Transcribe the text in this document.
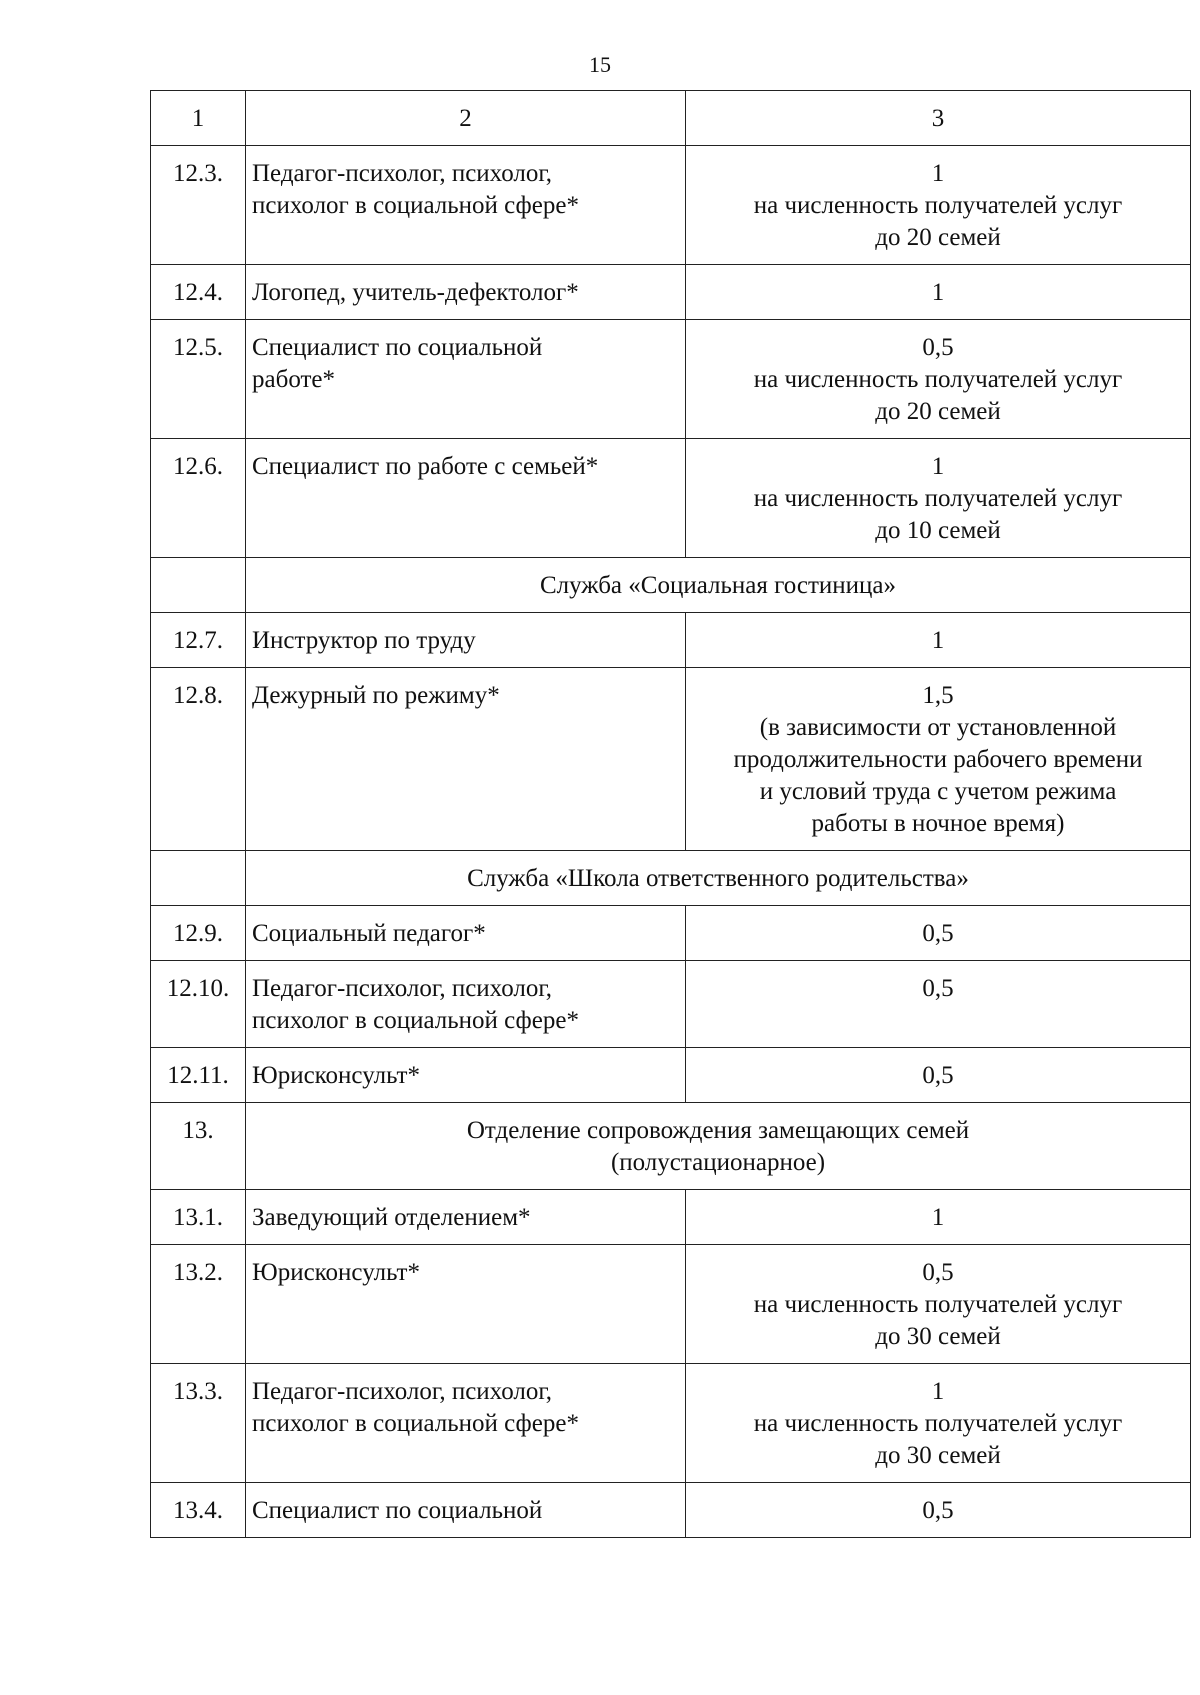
15
1	2	3
12.3.	Педагог-психолог, психолог,
психолог в социальной сфере*	1
на численность получателей услуг
до 20 семей

12.4.	Логопед, учитель-дефектолог*	1
12.5.	Специалист по социальной
работе*	0,5
на численность получателей услуг
до 20 семей

12.6.	Специалист по работе с семьей*	1
на численность получателей услуг
до 10 семей

	Служба «Социальная гостиница»	
12.7.	Инструктор по труду	1
12.8.	Дежурный по режиму*	1,5
(в зависимости от установленной
продолжительности рабочего времени
и условий труда с учетом режима
работы в ночное время)

	Служба «Школа ответственного родительства»	
12.9.	Социальный педагог*	0,5
12.10.	Педагог-психолог, психолог,
психолог в социальной сфере*	0,5
12.11.	Юрисконсульт*	0,5
13.	Отделение сопровождения замещающих семей
(полустационарное)	

13.1.	Заведующий отделением*	1
13.2.	Юрисконсульт*	0,5
на численность получателей услуг
до 30 семей

13.3.	Педагог-психолог, психолог,
психолог в социальной сфере*	1
на численность получателей услуг
до 30 семей

13.4.	Специалист по социальной	0,5
